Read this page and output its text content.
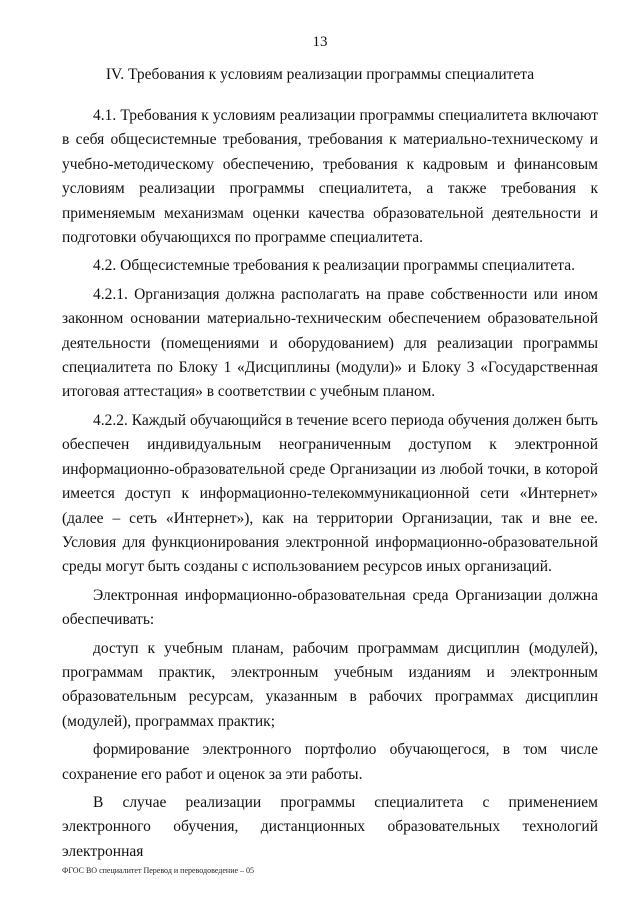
13
IV. Требования к условиям реализации программы специалитета

4.1. Требования к условиям реализации программы специалитета включают в себя общесистемные требования, требования к материально-техническому и учебно-методическому обеспечению, требования к кадровым и финансовым условиям реализации программы специалитета, а также требования к применяемым механизмам оценки качества образовательной деятельности и подготовки обучающихся по программе специалитета.

4.2. Общесистемные требования к реализации программы специалитета.

4.2.1. Организация должна располагать на праве собственности или ином законном основании материально-техническим обеспечением образовательной деятельности (помещениями и оборудованием) для реализации программы специалитета по Блоку 1 «Дисциплины (модули)» и Блоку 3 «Государственная итоговая аттестация» в соответствии с учебным планом.

4.2.2. Каждый обучающийся в течение всего периода обучения должен быть обеспечен индивидуальным неограниченным доступом к электронной информационно-образовательной среде Организации из любой точки, в которой имеется доступ к информационно-телекоммуникационной сети «Интернет» (далее – сеть «Интернет»), как на территории Организации, так и вне ее. Условия для функционирования электронной информационно-образовательной среды могут быть созданы с использованием ресурсов иных организаций.

Электронная информационно-образовательная среда Организации должна обеспечивать:

доступ к учебным планам, рабочим программам дисциплин (модулей), программам практик, электронным учебным изданиям и электронным образовательным ресурсам, указанным в рабочих программах дисциплин (модулей), программах практик;

формирование электронного портфолио обучающегося, в том числе сохранение его работ и оценок за эти работы.

В случае реализации программы специалитета с применением электронного обучения, дистанционных образовательных технологий электронная

ФГОС ВО специалитет Перевод и переводоведение – 05
